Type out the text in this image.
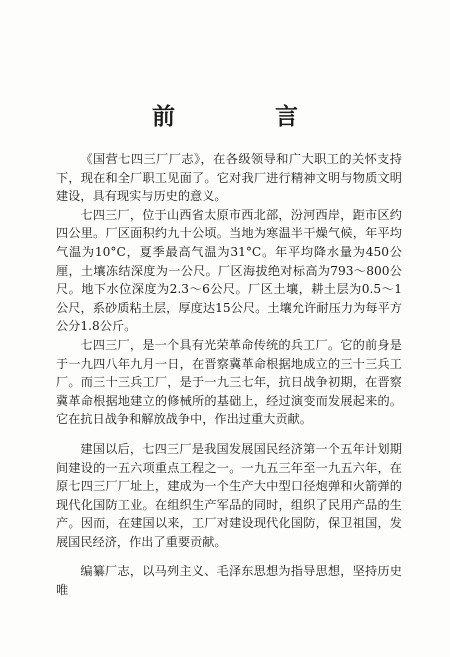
前 言

《国营七四三厂厂志》，在各级领导和广大职工的关怀支持下，现在和全厂职工见面了。它对我厂进行精神文明与物质文明建设，具有现实与历史的意义。

七四三厂，位于山西省太原市西北部，汾河西岸，距市区约四公里。厂区面积约九十公顷。当地为寒温半干燥气候，年平均气温为10°C，夏季最高气温为31°C。年平均降水量为450公厘，土壤冻结深度为一公尺。厂区海拔绝对标高为793～800公尺。地下水位深度为2.3～6公尺。厂区土壤，耕土层为0.5～1公尺，系砂质粘土层，厚度达15公尺。土壤允许耐压力为每平方公分1.8公斤。

七四三厂，是一个具有光荣革命传统的兵工厂。它的前身是于一九四八年九月一日，在晋察冀革命根据地成立的三十三兵工厂。而三十三兵工厂，是于一九三七年，抗日战争初期，在晋察冀革命根据地建立的修械所的基础上，经过演变而发展起来的。它在抗日战争和解放战争中，作出过重大贡献。

建国以后，七四三厂是我国发展国民经济第一个五年计划期间建设的一五六项重点工程之一。一九五三年至一九五六年，在原七四三厂厂址上，建成为一个生产大中型口径炮弹和火箭弹的现代化国防工业。在组织生产军品的同时，组织了民用产品的生产。因而，在建国以来，工厂对建设现代化国防，保卫祖国，发展国民经济，作出了重要贡献。

编纂厂志，以马列主义、毛泽东思想为指导思想，坚持历史唯
